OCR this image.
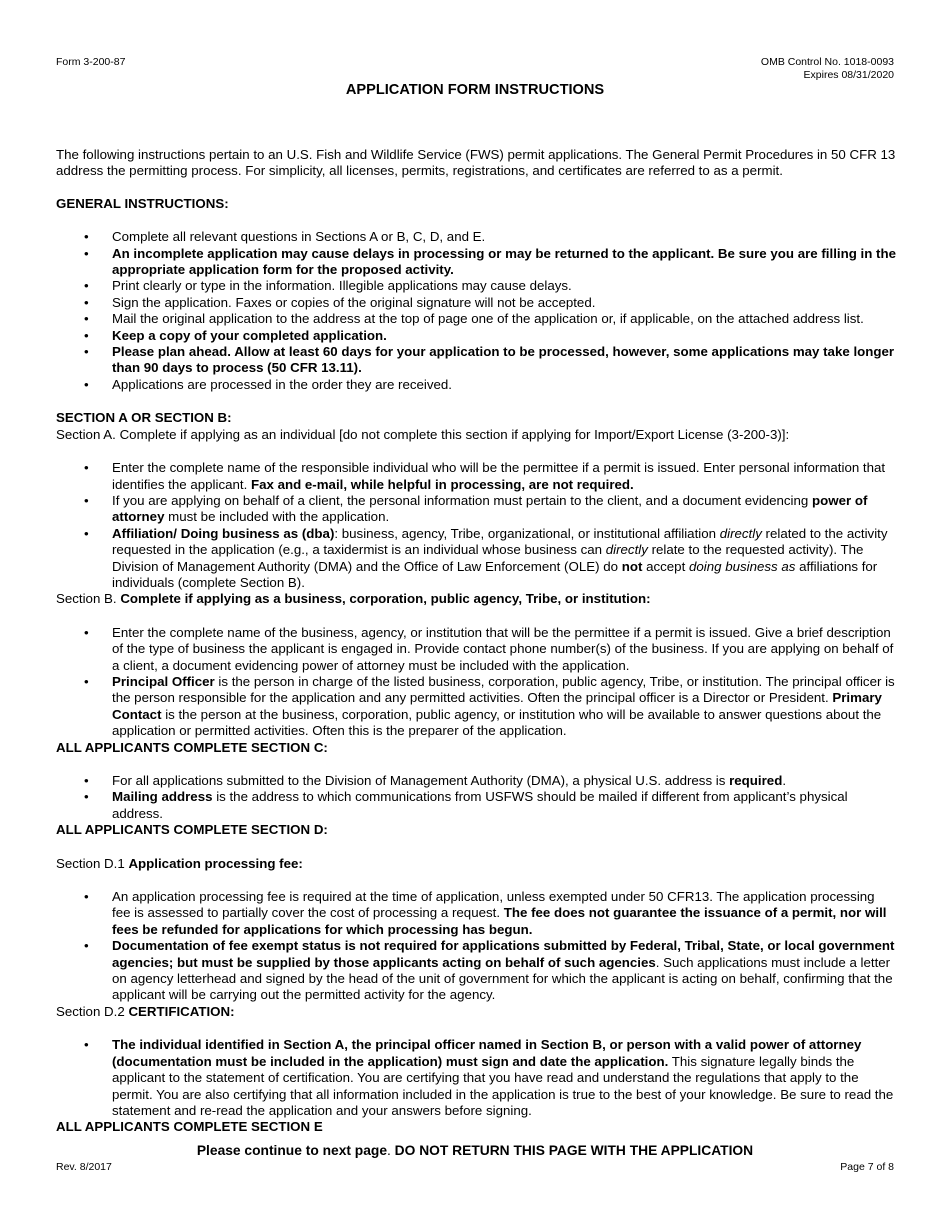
Form 3-200-87	OMB Control No. 1018-0093
Expires 08/31/2020
APPLICATION FORM INSTRUCTIONS

The following instructions pertain to an U.S. Fish and Wildlife Service (FWS) permit applications. The General Permit Procedures in 50 CFR 13 address the permitting process. For simplicity, all licenses, permits, registrations, and certificates are referred to as a permit.

GENERAL INSTRUCTIONS:

• Complete all relevant questions in Sections A or B, C, D, and E.
• An incomplete application may cause delays in processing or may be returned to the applicant. Be sure you are filling in the appropriate application form for the proposed activity.
• Print clearly or type in the information. Illegible applications may cause delays.
• Sign the application. Faxes or copies of the original signature will not be accepted.
• Mail the original application to the address at the top of page one of the application or, if applicable, on the attached address list.
• Keep a copy of your completed application.
• Please plan ahead. Allow at least 60 days for your application to be processed, however, some applications may take longer than 90 days to process (50 CFR 13.11).
• Applications are processed in the order they are received.

SECTION A OR SECTION B:

Section A. Complete if applying as an individual [do not complete this section if applying for Import/Export License (3-200-3)]:

• Enter the complete name of the responsible individual who will be the permittee if a permit is issued. Enter personal information that identifies the applicant. Fax and e-mail, while helpful in processing, are not required.
• If you are applying on behalf of a client, the personal information must pertain to the client, and a document evidencing power of attorney must be included with the application.
• Affiliation/ Doing business as (dba): business, agency, Tribe, organizational, or institutional affiliation directly related to the activity requested in the application (e.g., a taxidermist is an individual whose business can directly relate to the requested activity). The Division of Management Authority (DMA) and the Office of Law Enforcement (OLE) do not accept doing business as affiliations for individuals (complete Section B).

Section B. Complete if applying as a business, corporation, public agency, Tribe, or institution:

• Enter the complete name of the business, agency, or institution that will be the permittee if a permit is issued. Give a brief description of the type of business the applicant is engaged in. Provide contact phone number(s) of the business. If you are applying on behalf of a client, a document evidencing power of attorney must be included with the application.
• Principal Officer is the person in charge of the listed business, corporation, public agency, Tribe, or institution. The principal officer is the person responsible for the application and any permitted activities. Often the principal officer is a Director or President. Primary Contact is the person at the business, corporation, public agency, or institution who will be available to answer questions about the application or permitted activities. Often this is the preparer of the application.

ALL APPLICANTS COMPLETE SECTION C:

• For all applications submitted to the Division of Management Authority (DMA), a physical U.S. address is required.
• Mailing address is the address to which communications from USFWS should be mailed if different from applicant’s physical address.

ALL APPLICANTS COMPLETE SECTION D:

Section D.1 Application processing fee:

• An application processing fee is required at the time of application, unless exempted under 50 CFR13. The application processing fee is assessed to partially cover the cost of processing a request. The fee does not guarantee the issuance of a permit, nor will fees be refunded for applications for which processing has begun.
• Documentation of fee exempt status is not required for applications submitted by Federal, Tribal, State, or local government agencies; but must be supplied by those applicants acting on behalf of such agencies. Such applications must include a letter on agency letterhead and signed by the head of the unit of government for which the applicant is acting on behalf, confirming that the applicant will be carrying out the permitted activity for the agency.

Section D.2 CERTIFICATION:

• The individual identified in Section A, the principal officer named in Section B, or person with a valid power of attorney (documentation must be included in the application) must sign and date the application. This signature legally binds the applicant to the statement of certification. You are certifying that you have read and understand the regulations that apply to the permit. You are also certifying that all information included in the application is true to the best of your knowledge. Be sure to read the statement and re-read the application and your answers before signing.

ALL APPLICANTS COMPLETE SECTION E

Please continue to next page. DO NOT RETURN THIS PAGE WITH THE APPLICATION
Rev. 8/2017	Page 7 of 8
